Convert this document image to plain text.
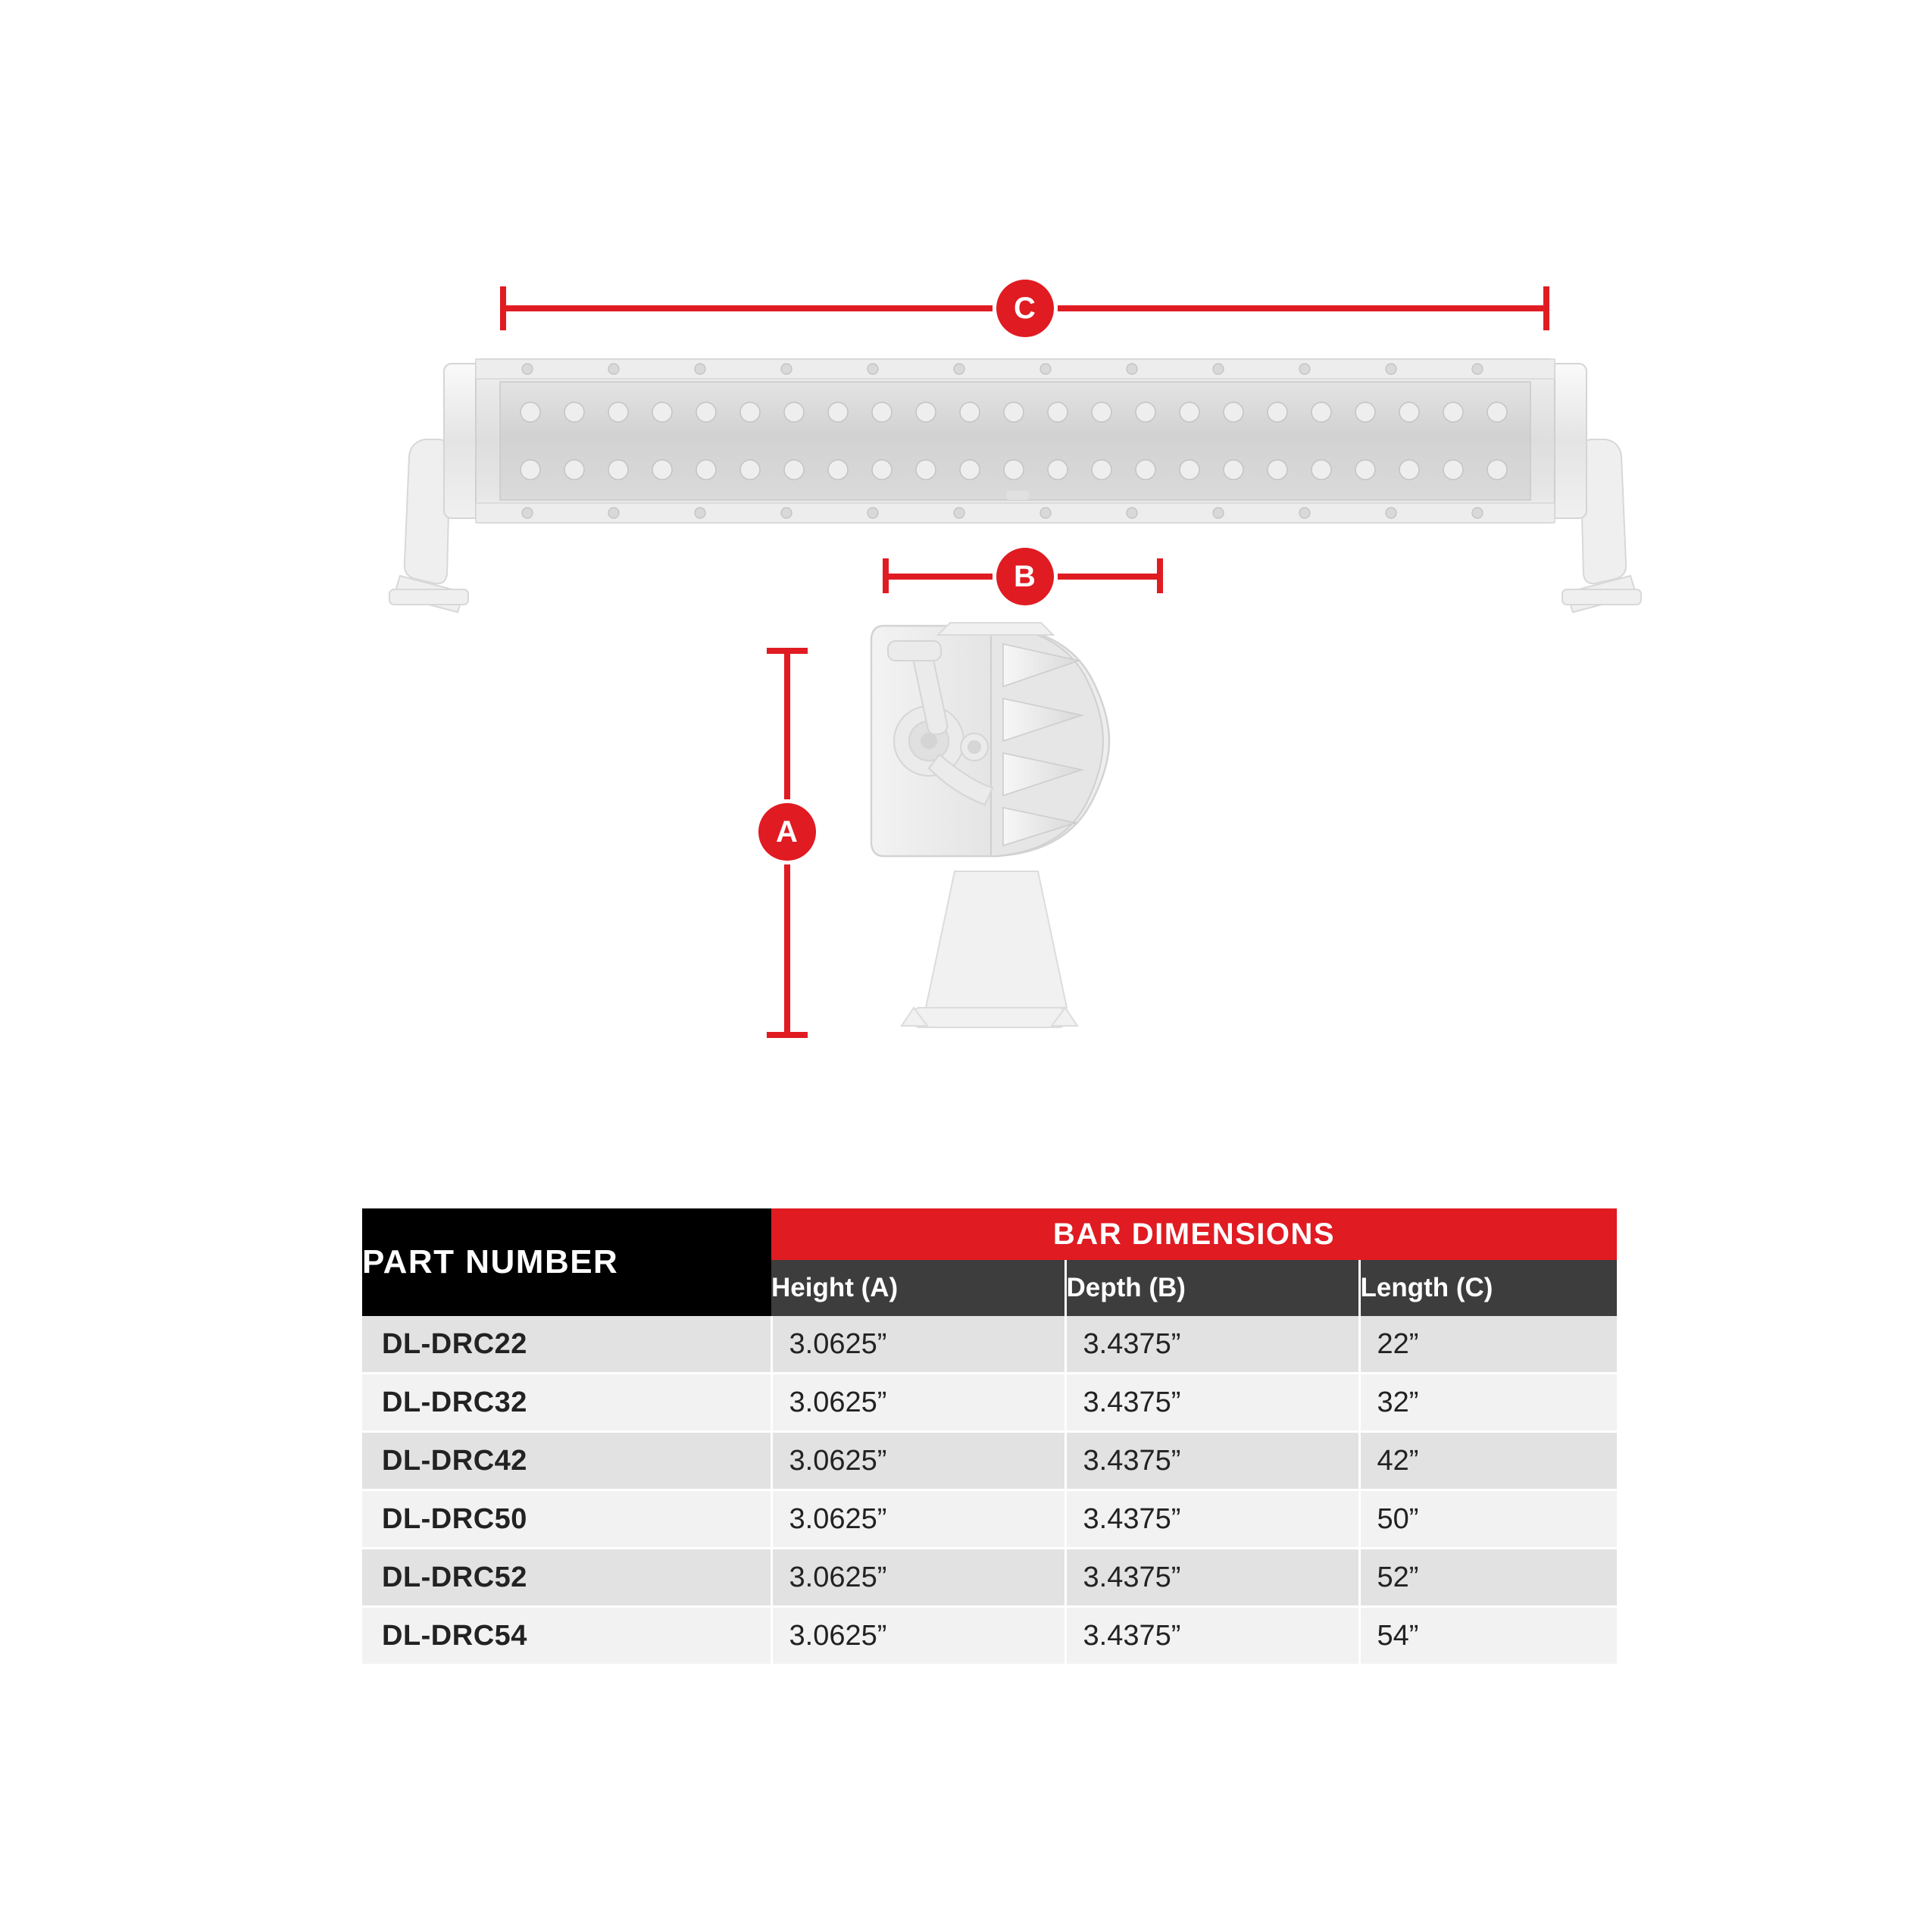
C
B
A
PART NUMBER	BAR DIMENSIONS		
	Height (A)	Depth (B)	Length (C)
DL-DRC22	3.0625”	3.4375”	22”
DL-DRC32	3.0625”	3.4375”	32”
DL-DRC42	3.0625”	3.4375”	42”
DL-DRC50	3.0625”	3.4375”	50”
DL-DRC52	3.0625”	3.4375”	52”
DL-DRC54	3.0625”	3.4375”	54”
